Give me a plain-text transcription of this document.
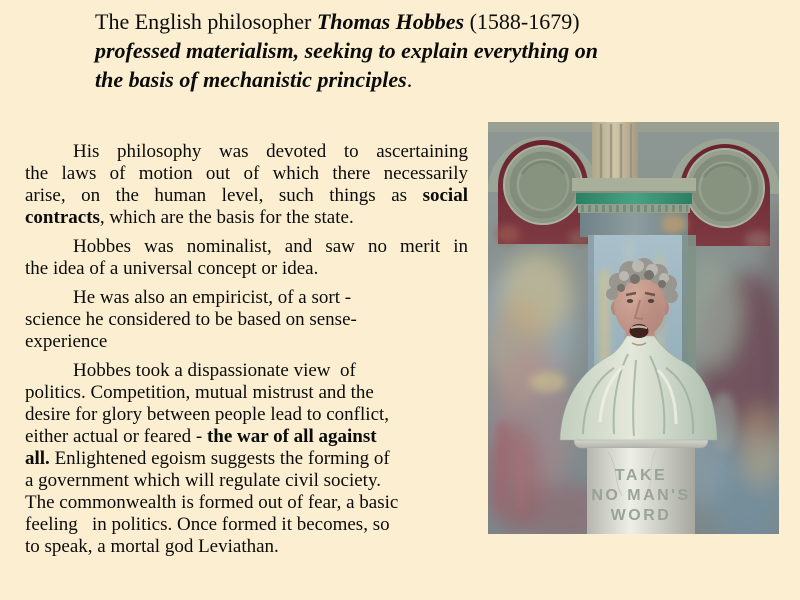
The English philosopher Thomas Hobbes (1588-1679)
professed materialism, seeking to explain everything on
the basis of mechanistic principles.
His philosophy was devoted to ascertaining
the laws of motion out of which there necessarily
arise, on the human level, such things as social
contracts, which are the basis for the state.
Hobbes was nominalist, and saw no merit in
the idea of a universal concept or idea.
He was also an empiricist, of a sort -
science he considered to be based on sense-
experience
Hobbes took a dispassionate view  of
politics. Competition, mutual mistrust and the
desire for glory between people lead to conflict,
either actual or feared - the war of all against
all. Enlightened egoism suggests the forming of
a government which will regulate civil society.
The commonwealth is formed out of fear, a basic
feeling   in politics. Once formed it becomes, so
to speak, a mortal god Leviathan.
TAKE
NO MAN'S
WORD
